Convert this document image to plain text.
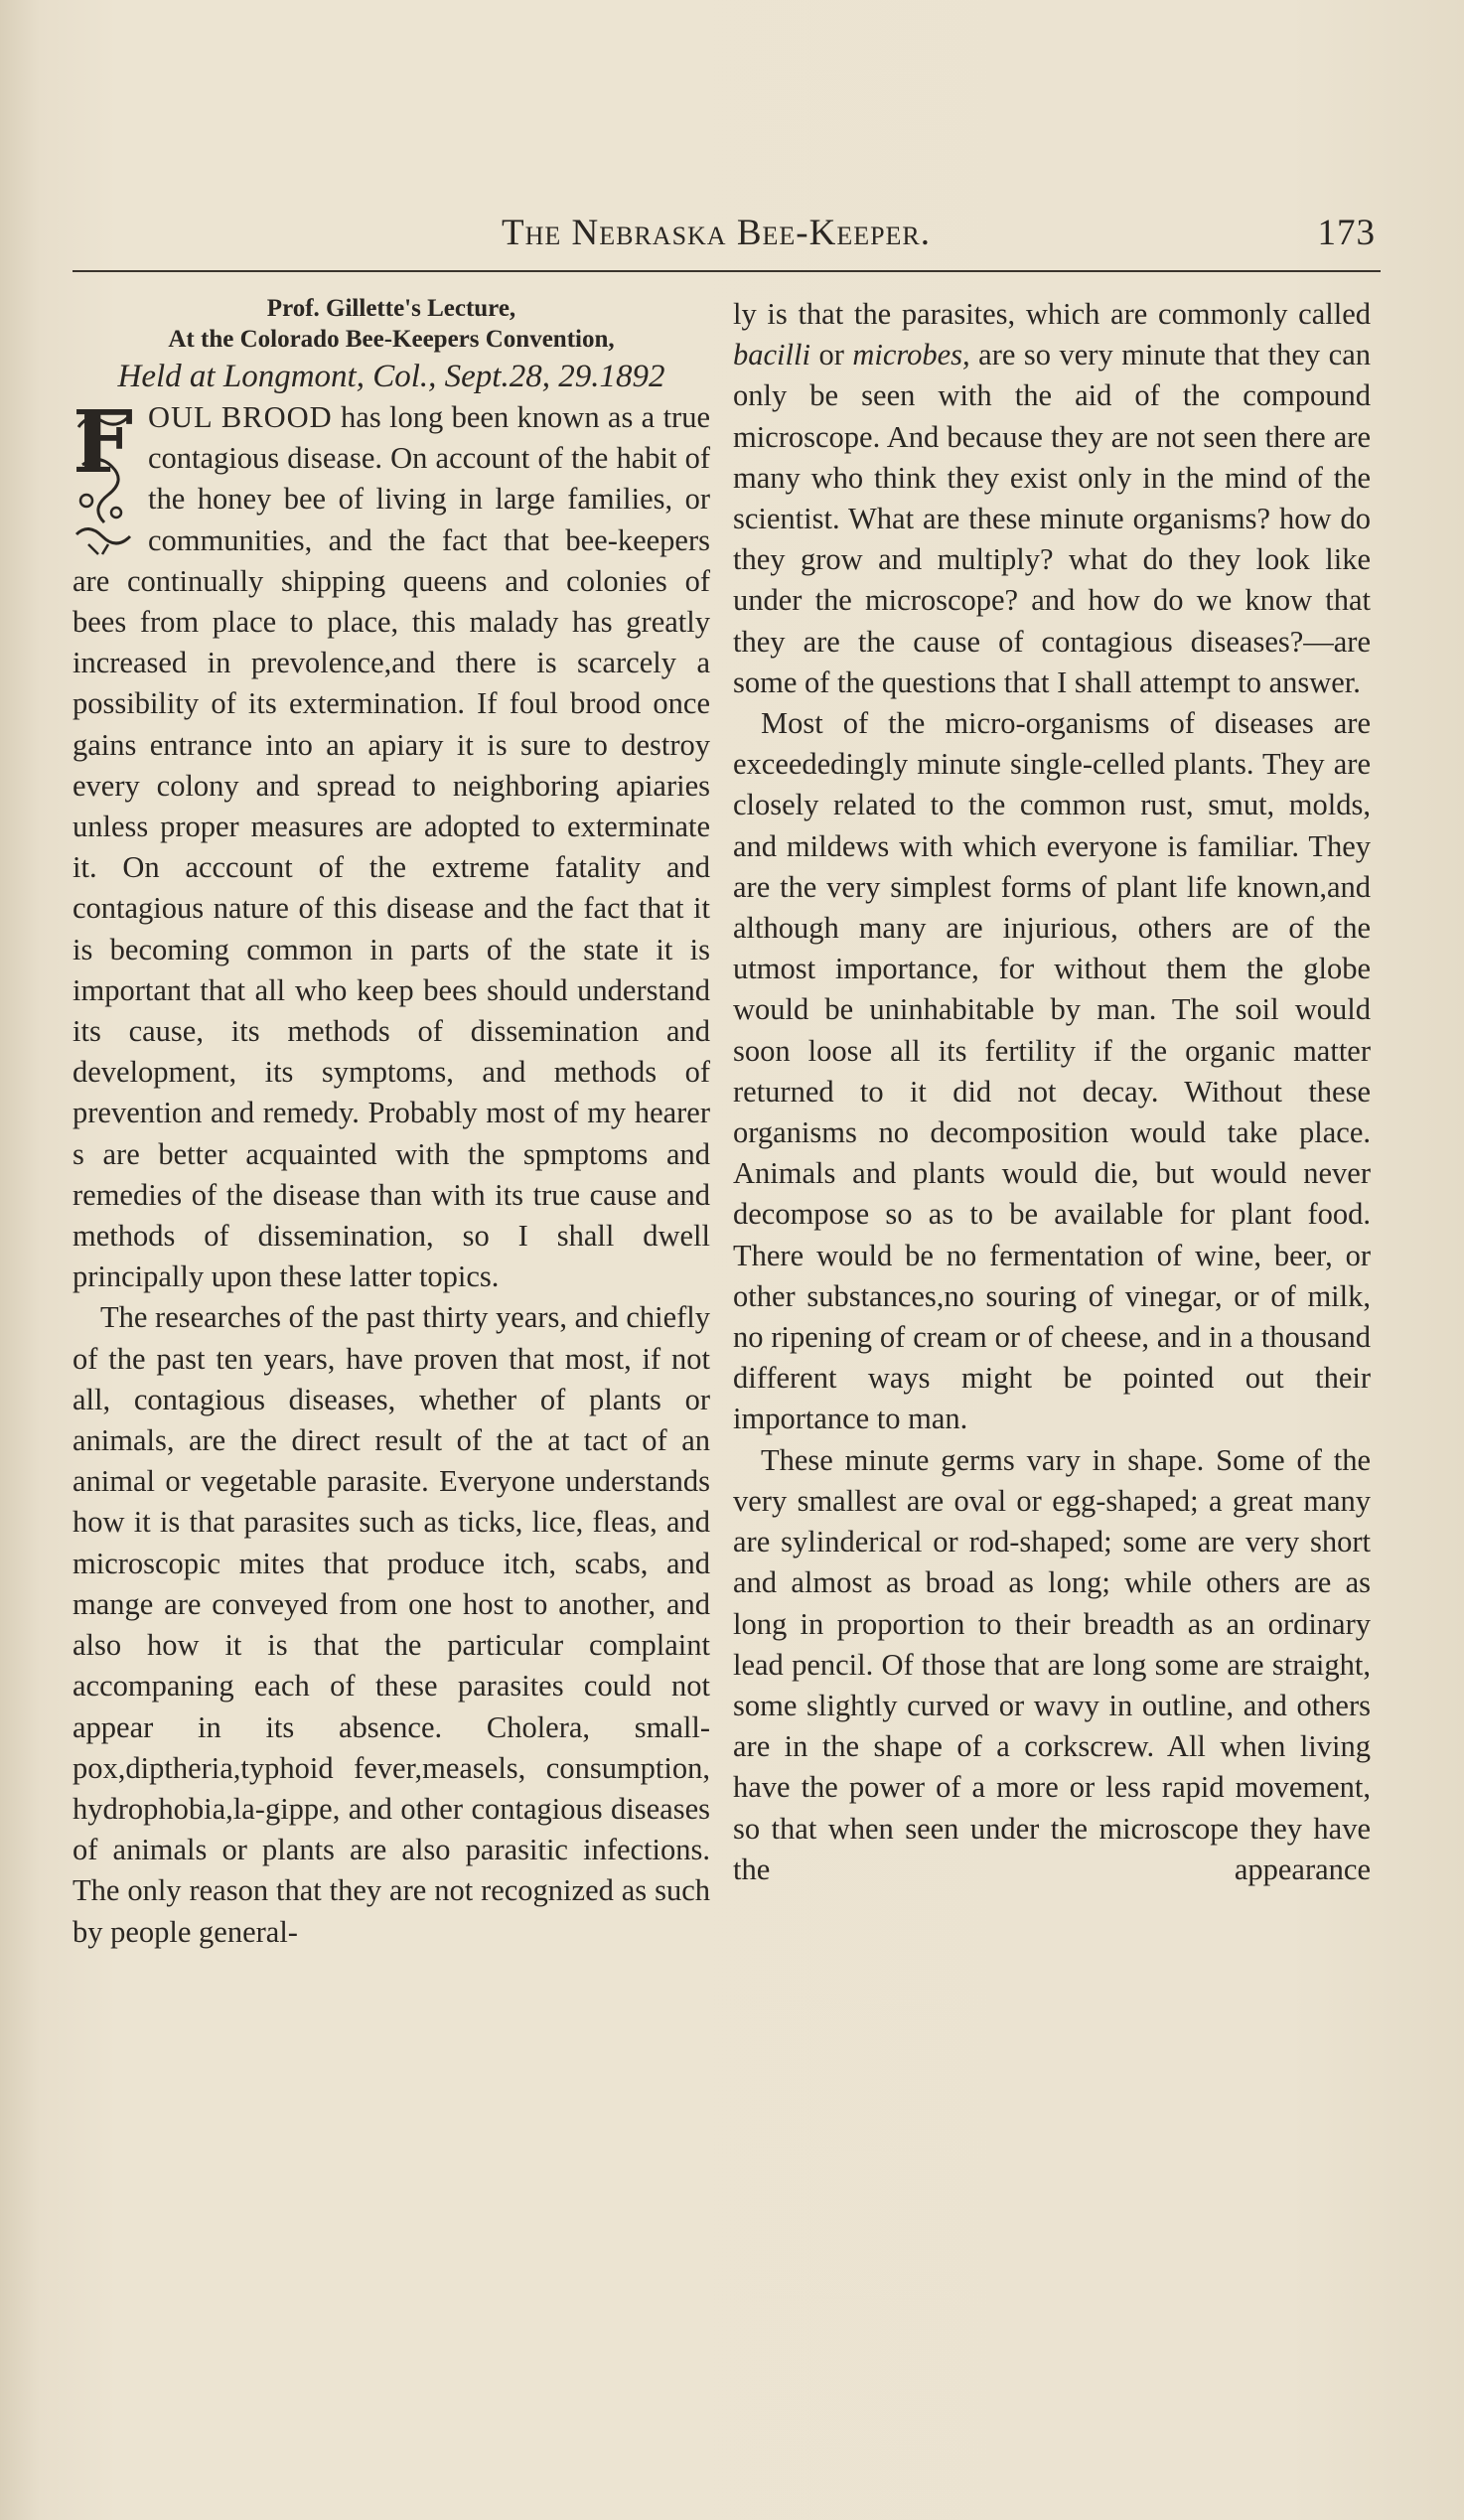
The Nebraska Bee-Keeper.	173
Prof. Gillette's Lecture,
At the Colorado Bee-Keepers Convention,
Held at Longmont, Col., Sept.28, 29.1892

F OUL BROOD has long been known as a true contagious disease. On account of the habit of the honey bee of living in large families, or communities, and the fact that bee-keepers are continually shipping queens and colonies of bees from place to place, this malady has greatly increased in prevolence,and there is scarcely a possibility of its extermination. If foul brood once gains entrance into an apiary it is sure to destroy every colony and spread to neighboring apiaries unless proper measures are adopted to exterminate it. On acccount of the extreme fatality and contagious nature of this disease and the fact that it is becoming common in parts of the state it is important that all who keep bees should understand its cause, its methods of dissemination and development, its symptoms, and methods of prevention and remedy. Probably most of my hearer s are better acquainted with the spmptoms and remedies of the disease than with its true cause and methods of dissemination, so I shall dwell principally upon these latter topics.

The researches of the past thirty years, and chiefly of the past ten years, have proven that most, if not all, contagious diseases, whether of plants or animals, are the direct result of the at tact of an animal or vegetable parasite. Everyone understands how it is that parasites such as ticks, lice, fleas, and microscopic mites that produce itch, scabs, and mange are conveyed from one host to another, and also how it is that the particular complaint accompaning each of these parasites could not appear in its absence. Cholera, small-pox,diptheria,typhoid fever,measels, consumption, hydrophobia,la-gippe, and other contagious diseases of animals or plants are also parasitic infections. The only reason that they are not recognized as such by people general-

ly is that the parasites, which are commonly called bacilli or microbes, are so very minute that they can only be seen with the aid of the compound microscope. And because they are not seen there are many who think they exist only in the mind of the scientist. What are these minute organisms? how do they grow and multiply? what do they look like under the microscope? and how do we know that they are the cause of contagious diseases?—are some of the questions that I shall attempt to answer.

Most of the micro-organisms of diseases are exceededingly minute single-celled plants. They are closely related to the common rust, smut, molds, and mildews with which everyone is familiar. They are the very simplest forms of plant life known,and although many are injurious, others are of the utmost importance, for without them the globe would be uninhabitable by man. The soil would soon loose all its fertility if the organic matter returned to it did not decay. Without these organisms no decomposition would take place. Animals and plants would die, but would never decompose so as to be available for plant food. There would be no fermentation of wine, beer, or other substances,no souring of vinegar, or of milk, no ripening of cream or of cheese, and in a thousand different ways might be pointed out their importance to man.

These minute germs vary in shape. Some of the very smallest are oval or egg-shaped; a great many are sylinderical or rod-shaped; some are very short and almost as broad as long; while others are as long in proportion to their breadth as an ordinary lead pencil. Of those that are long some are straight, some slightly curved or wavy in outline, and others are in the shape of a corkscrew. All when living have the power of a more or less rapid movement, so that when seen under the microscope they have the appearance
